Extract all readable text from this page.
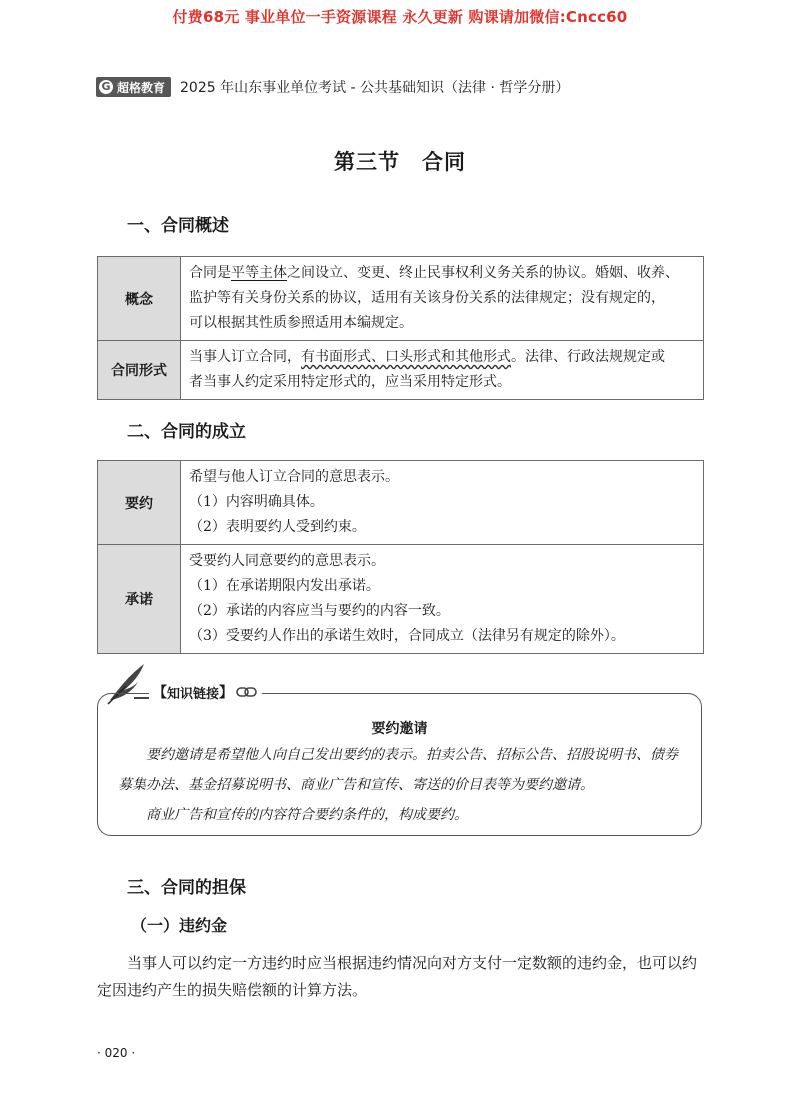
付费68元 事业单位一手资源课程 永久更新 购课请加微信:Cncc60
G 超格教育 2025 年山东事业单位考试 - 公共基础知识（法律 · 哲学分册）
第三节　合同
一、合同概述
概念	合同是平等主体之间设立、变更、终止民事权利义务关系的协议。婚姻、收养、
监护等有关身份关系的协议，适用有关该身份关系的法律规定；没有规定的，
可以根据其性质参照适用本编规定。

合同形式	当事人订立合同，有书面形式、口头形式和其他形式。法律、行政法规规定或
者当事人约定采用特定形式的，应当采用特定形式。
二、合同的成立
要约	希望与他人订立合同的意思表示。
（1）内容明确具体。
（2）表明要约人受到约束。

承诺	受要约人同意要约的意思表示。
（1）在承诺期限内发出承诺。
（2）承诺的内容应当与要约的内容一致。
（3）受要约人作出的承诺生效时，合同成立（法律另有规定的除外）。
【 知识链接 】
要约邀请
要约邀请是希望他人向自己发出要约的表示。拍卖公告、招标公告、招股说明书、债券募集办法、基金招募说明书、商业广告和宣传、寄送的价目表等为要约邀请。
商业广告和宣传的内容符合要约条件的，构成要约。
三、合同的担保
（一）违约金
当事人可以约定一方违约时应当根据违约情况向对方支付一定数额的违约金，也可以约定因违约产生的损失赔偿额的计算方法。
· 020 ·
